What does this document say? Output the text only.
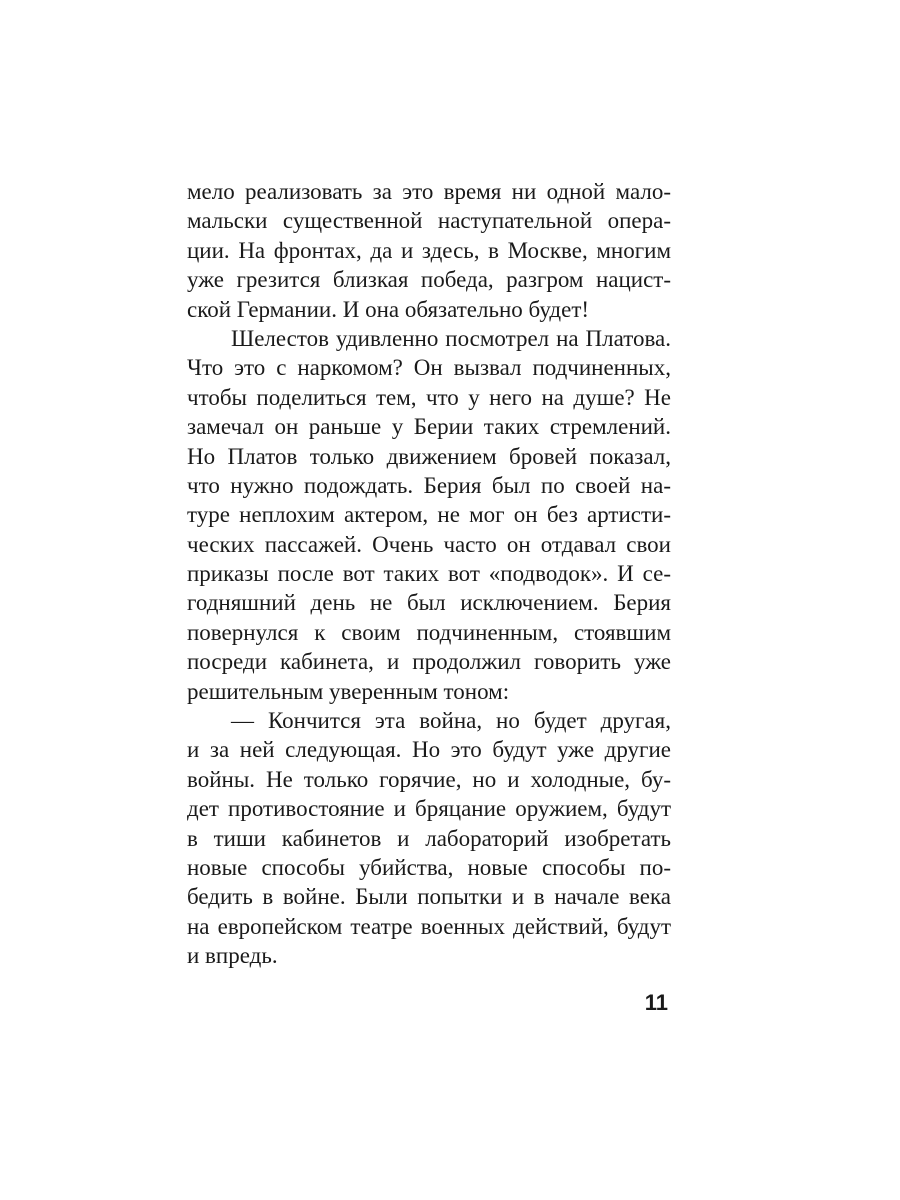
мело реализовать за это время ни одной мало-
мальски существенной наступательной опера-
ции. На фронтах, да и здесь, в Москве, многим
уже грезится близкая победа, разгром нацист-
ской Германии. И она обязательно будет!
Шелестов удивленно посмотрел на Платова.
Что это с наркомом? Он вызвал подчиненных,
чтобы поделиться тем, что у него на душе? Не
замечал он раньше у Берии таких стремлений.
Но Платов только движением бровей показал,
что нужно подождать. Берия был по своей на-
туре неплохим актером, не мог он без артисти-
ческих пассажей. Очень часто он отдавал свои
приказы после вот таких вот «подводок». И се-
годняшний день не был исключением. Берия
повернулся к своим подчиненным, стоявшим
посреди кабинета, и продолжил говорить уже
решительным уверенным тоном:
— Кончится эта война, но будет другая,
и за ней следующая. Но это будут уже другие
войны. Не только горячие, но и холодные, бу-
дет противостояние и бряцание оружием, будут
в тиши кабинетов и лабораторий изобретать
новые способы убийства, новые способы по-
бедить в войне. Были попытки и в начале века
на европейском театре военных действий, будут
и впредь.
11
